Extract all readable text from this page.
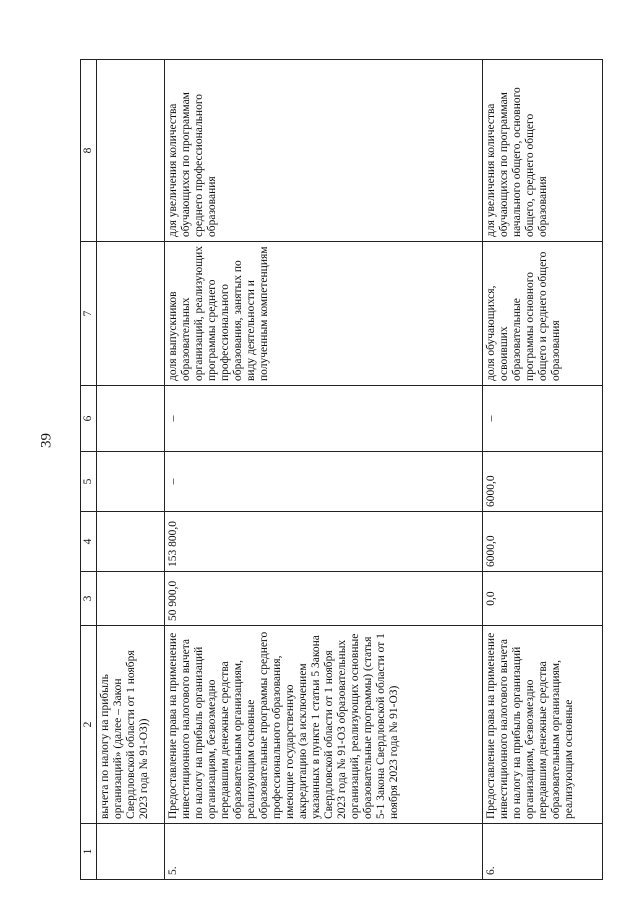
39
1	2	3	4	5	6	7	8
	вычета по налогу на прибыль организаций» (далее – Закон Свердловской области от 1 ноября 2023 года № 91-ОЗ))						
5.	Предоставление права на применение инвестиционного налогового вычета по налогу на прибыль организаций организациям, безвозмездно передавшим денежные средства образовательным организациям, реализующим основные образовательные программы среднего профессионального образования, имеющие государственную аккредитацию (за исключением указанных в пункте 1 статьи 5 Закона Свердловской области от 1 ноября 2023 года № 91-ОЗ образовательных организаций, реализующих основные образовательные программы) (статья 5-1 Закона Свердловской области от 1 ноября 2023 года № 91-ОЗ)	50 900,0	153 800,0	–	–	доля выпускников образовательных организаций, реализующих программы среднего профессионального образования, занятых по виду деятельности и полученным компетенциям	для увеличения количества обучающихся по программам среднего профессионального образования
6.	Предоставление права на применение инвестиционного налогового вычета по налогу на прибыль организаций организациям, безвозмездно передавшим денежные средства образовательным организациям, реализующим основные	0,0	6000,0	6000,0	–	доля обучающихся, освоивших образовательные программы основного общего и среднего общего образования	для увеличения количества обучающихся по программам начального общего, основного общего, среднего общего образования
